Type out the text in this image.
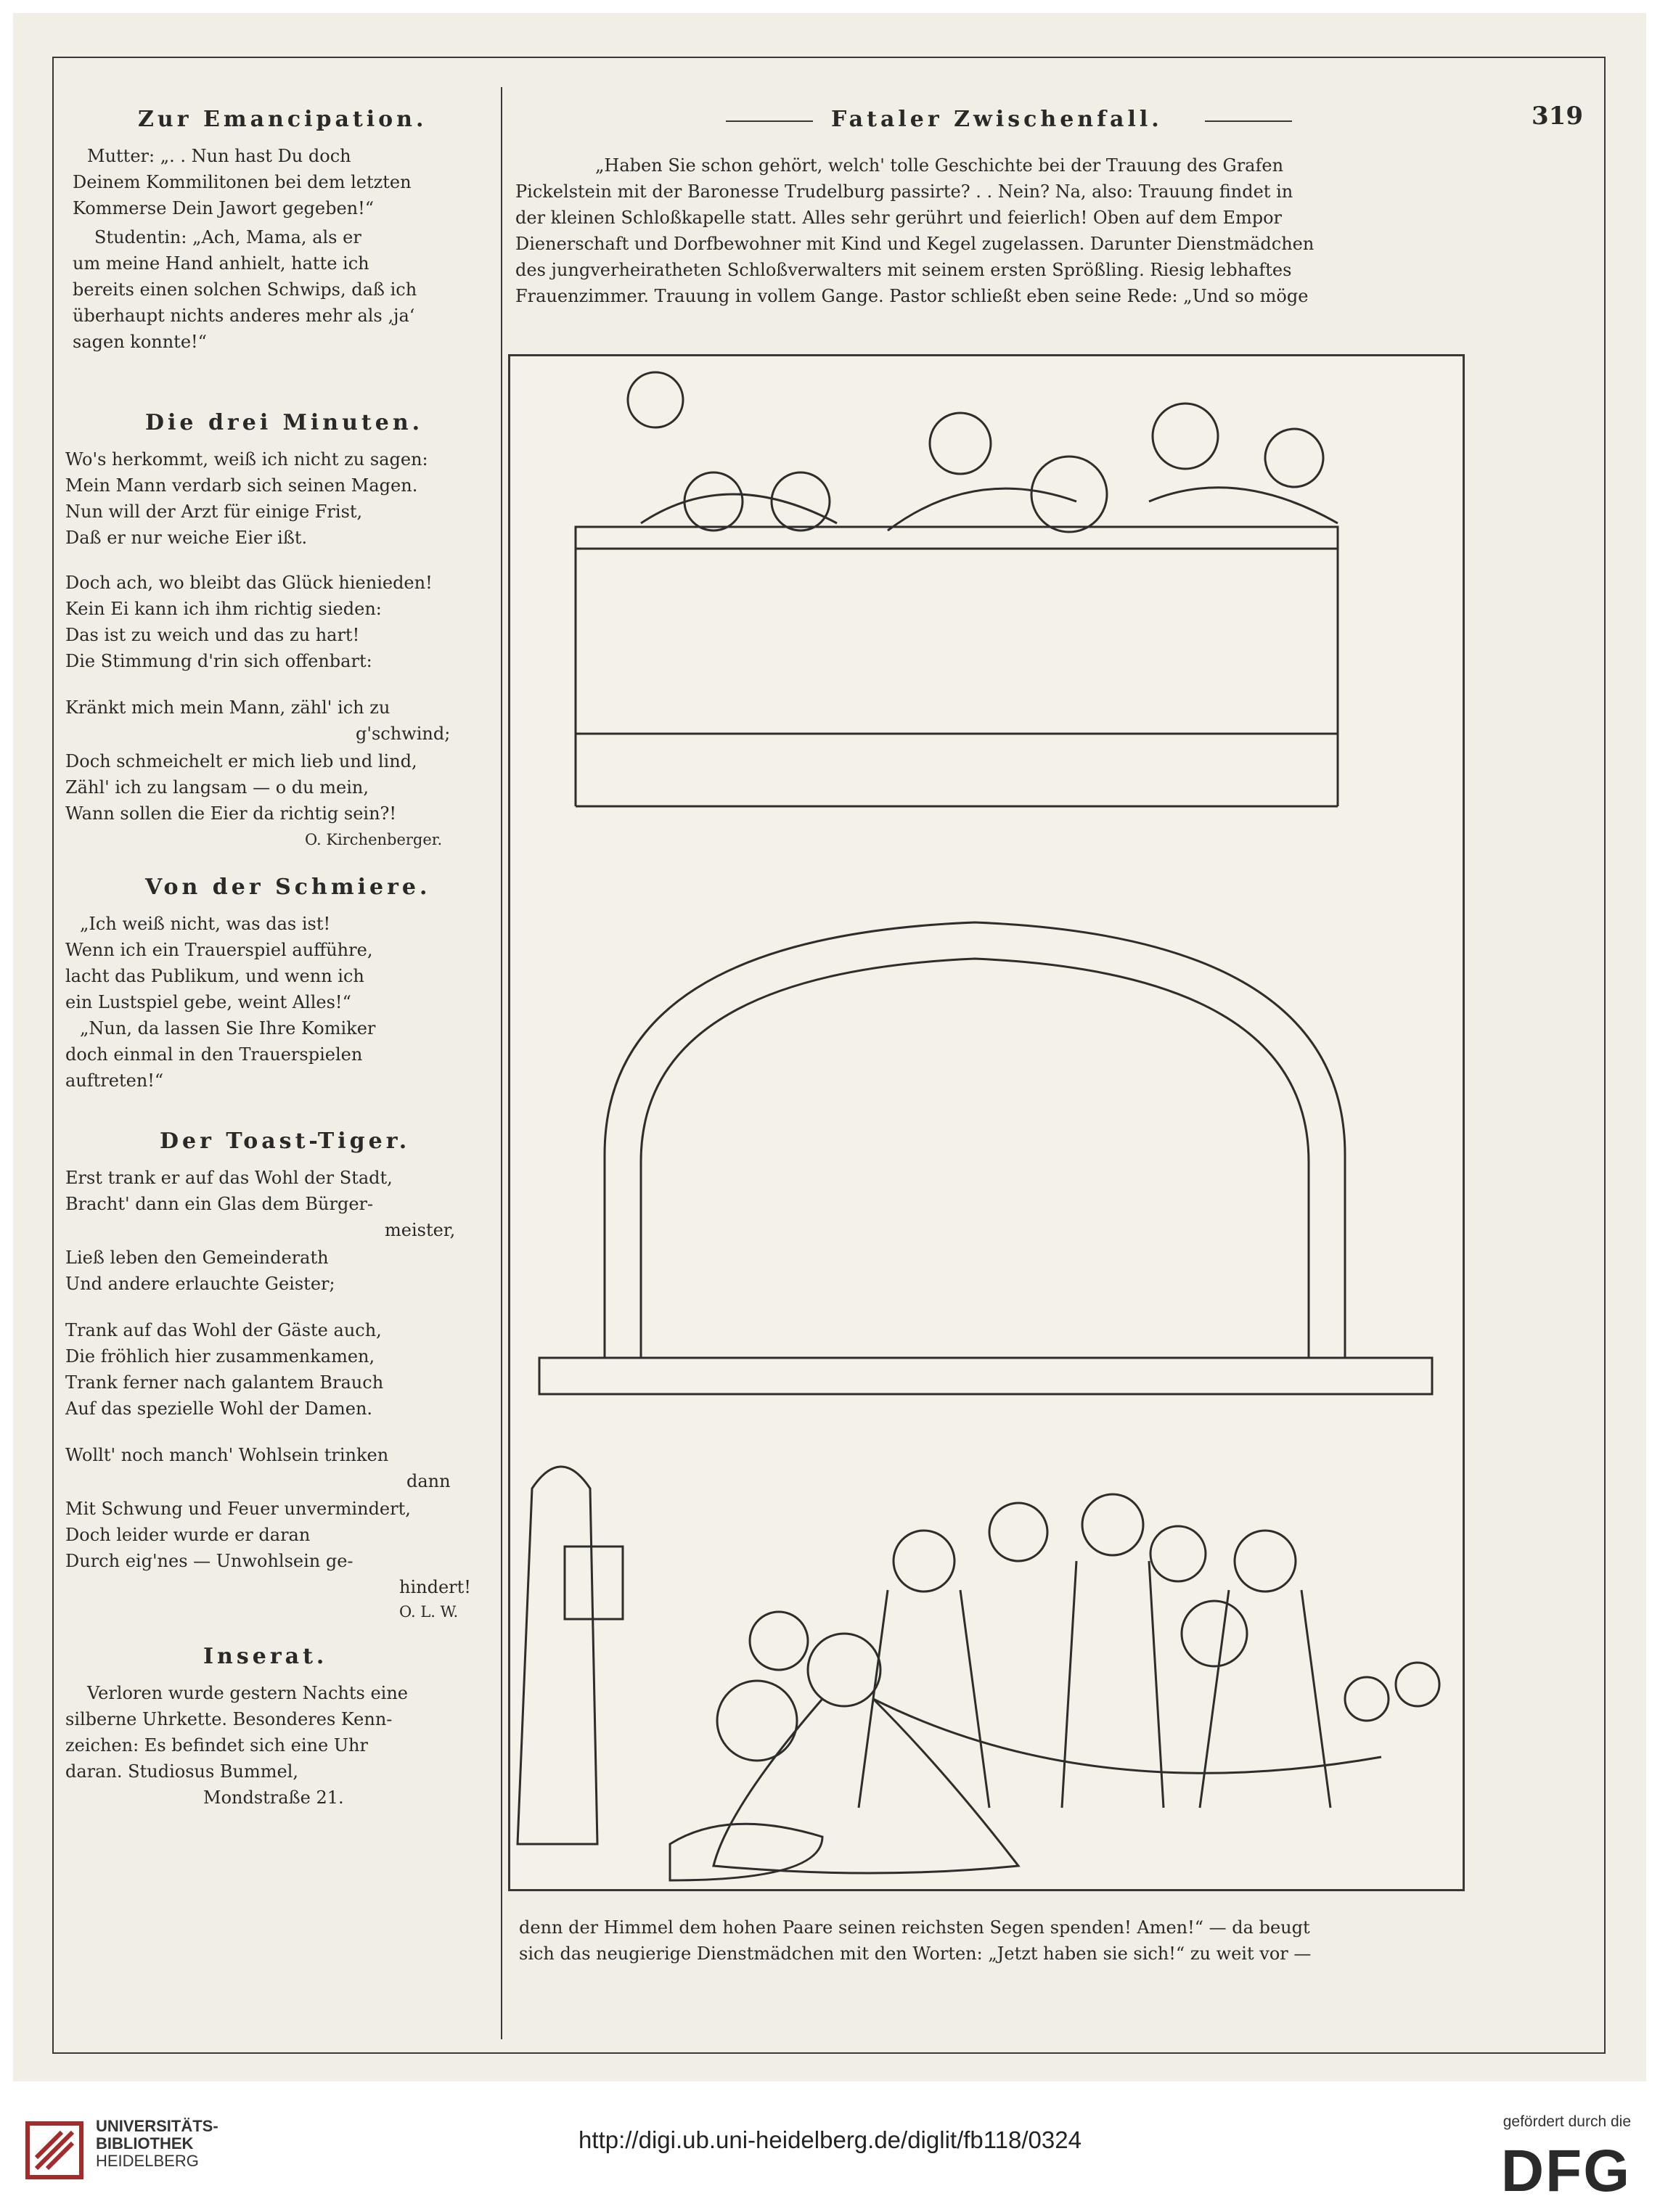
Zur Emancipation.
Mutter: „. . Nun hast Du doch
Deinem Kommilitonen bei dem letzten
Kommerse Dein Jawort gegeben!“
Studentin: „Ach, Mama, als er
um meine Hand anhielt, hatte ich
bereits einen solchen Schwips, daß ich
überhaupt nichts anderes mehr als ‚ja‘
sagen konnte!“
Die drei Minuten.
Wo's herkommt, weiß ich nicht zu sagen:
Mein Mann verdarb sich seinen Magen.
Nun will der Arzt für einige Frist,
Daß er nur weiche Eier ißt.
Doch ach, wo bleibt das Glück hienieden!
Kein Ei kann ich ihm richtig sieden:
Das ist zu weich und das zu hart!
Die Stimmung d'rin sich offenbart:
Kränkt mich mein Mann, zähl' ich zu
g'schwind;
Doch schmeichelt er mich lieb und lind,
Zähl' ich zu langsam — o du mein,
Wann sollen die Eier da richtig sein?!
O. Kirchenberger.
Von der Schmiere.
„Ich weiß nicht, was das ist!
Wenn ich ein Trauerspiel aufführe,
lacht das Publikum, und wenn ich
ein Lustspiel gebe, weint Alles!“
„Nun, da lassen Sie Ihre Komiker
doch einmal in den Trauerspielen
auftreten!“
Der Toast-Tiger.
Erst trank er auf das Wohl der Stadt,
Bracht' dann ein Glas dem Bürger-
meister,
Ließ leben den Gemeinderath
Und andere erlauchte Geister;
Trank auf das Wohl der Gäste auch,
Die fröhlich hier zusammenkamen,
Trank ferner nach galantem Brauch
Auf das spezielle Wohl der Damen.
Wollt' noch manch' Wohlsein trinken
dann
Mit Schwung und Feuer unvermindert,
Doch leider wurde er daran
Durch eig'nes — Unwohlsein ge-
hindert!
O. L. W.
Inserat.
Verloren wurde gestern Nachts eine
silberne Uhrkette. Besonderes Kenn-
zeichen: Es befindet sich eine Uhr
daran. Studiosus Bummel,
Mondstraße 21.
Fataler Zwischenfall.	319
„Haben Sie schon gehört, welch' tolle Geschichte bei der Trauung des Grafen
Pickelstein mit der Baronesse Trudelburg passirte? . . Nein? Na, also: Trauung findet in
der kleinen Schloßkapelle statt. Alles sehr gerührt und feierlich! Oben auf dem Empor
Dienerschaft und Dorfbewohner mit Kind und Kegel zugelassen. Darunter Dienstmädchen
des jungverheiratheten Schloßverwalters mit seinem ersten Sprößling. Riesig lebhaftes
Frauenzimmer. Trauung in vollem Gange. Pastor schließt eben seine Rede: „Und so möge
denn der Himmel dem hohen Paare seinen reichsten Segen spenden! Amen!“ — da beugt
sich das neugierige Dienstmädchen mit den Worten: „Jetzt haben sie sich!“ zu weit vor —
UNIVERSITÄTS-
BIBLIOTHEK
HEIDELBERG
http://digi.ub.uni-heidelberg.de/diglit/fb118/0324
gefördert durch die
DFG
